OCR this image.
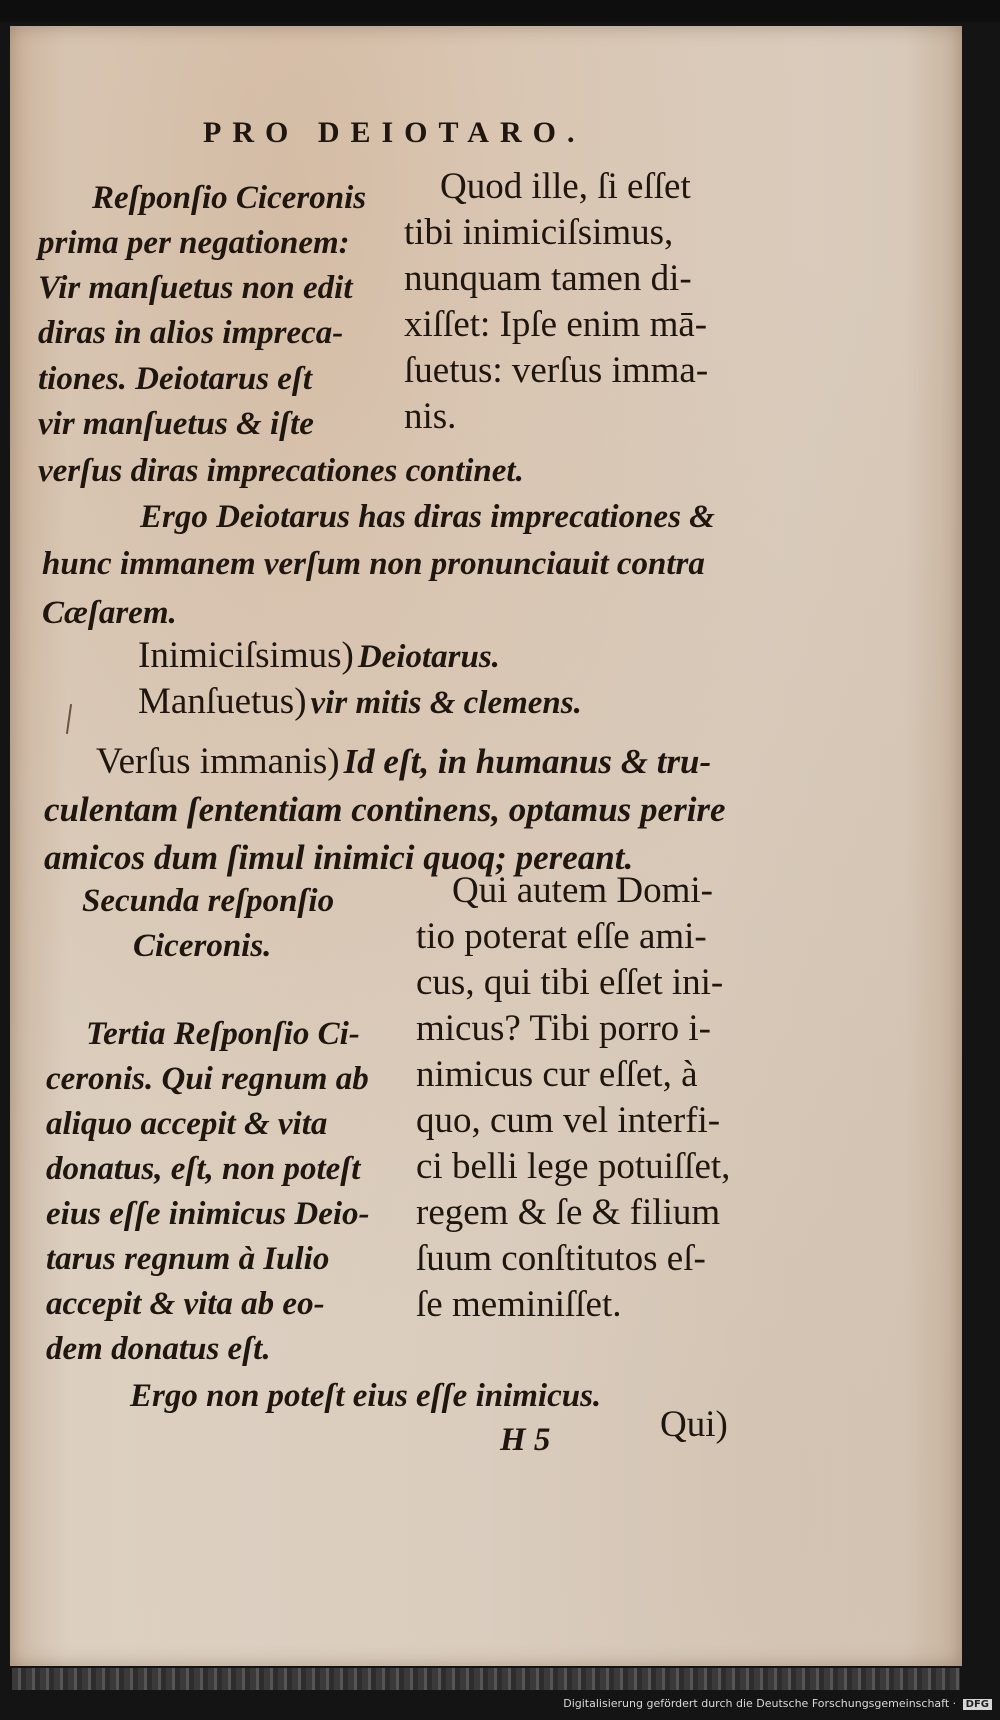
PRO DEIOTARO.
Reſponſio Ciceronis
prima per negationem:
Vir manſuetus non edit
diras in alios impreca-
tiones. Deiotarus eſt
vir manſuetus & iſte
Quod ille, ſi eſſet
tibi inimiciſsimus,
nunquam tamen di-
xiſſet: Ipſe enim mā-
ſuetus: verſus imma-
nis.
verſus diras imprecationes continet.
Ergo Deiotarus has diras imprecationes &
hunc immanem verſum non pronunciauit contra
Cæſarem.
Inimiciſsimus) Deiotarus.
Manſuetus) vir mitis & clemens.
Verſus immanis) Id eſt, in humanus & tru-
culentam ſententiam continens, optamus perire
amicos dum ſimul inimici quoq; pereant.
Secunda reſponſio
Ciceronis.
Tertia Reſponſio Ci-
ceronis. Qui regnum ab
aliquo accepit & vita
donatus, eſt, non poteſt
eius eſſe inimicus Deio-
tarus regnum à Iulio
accepit & vita ab eo-
dem donatus eſt.
Qui autem Domi-
tio poterat eſſe ami-
cus, qui tibi eſſet ini-
micus? Tibi porro i-
nimicus cur eſſet, à
quo, cum vel interfi-
ci belli lege potuiſſet,
regem & ſe & filium
ſuum conſtitutos eſ-
ſe meminiſſet.
Ergo non poteſt eius eſſe inimicus.
H 5	Qui)
Digitalisierung gefördert durch die Deutsche Forschungsgemeinschaft · DFG
